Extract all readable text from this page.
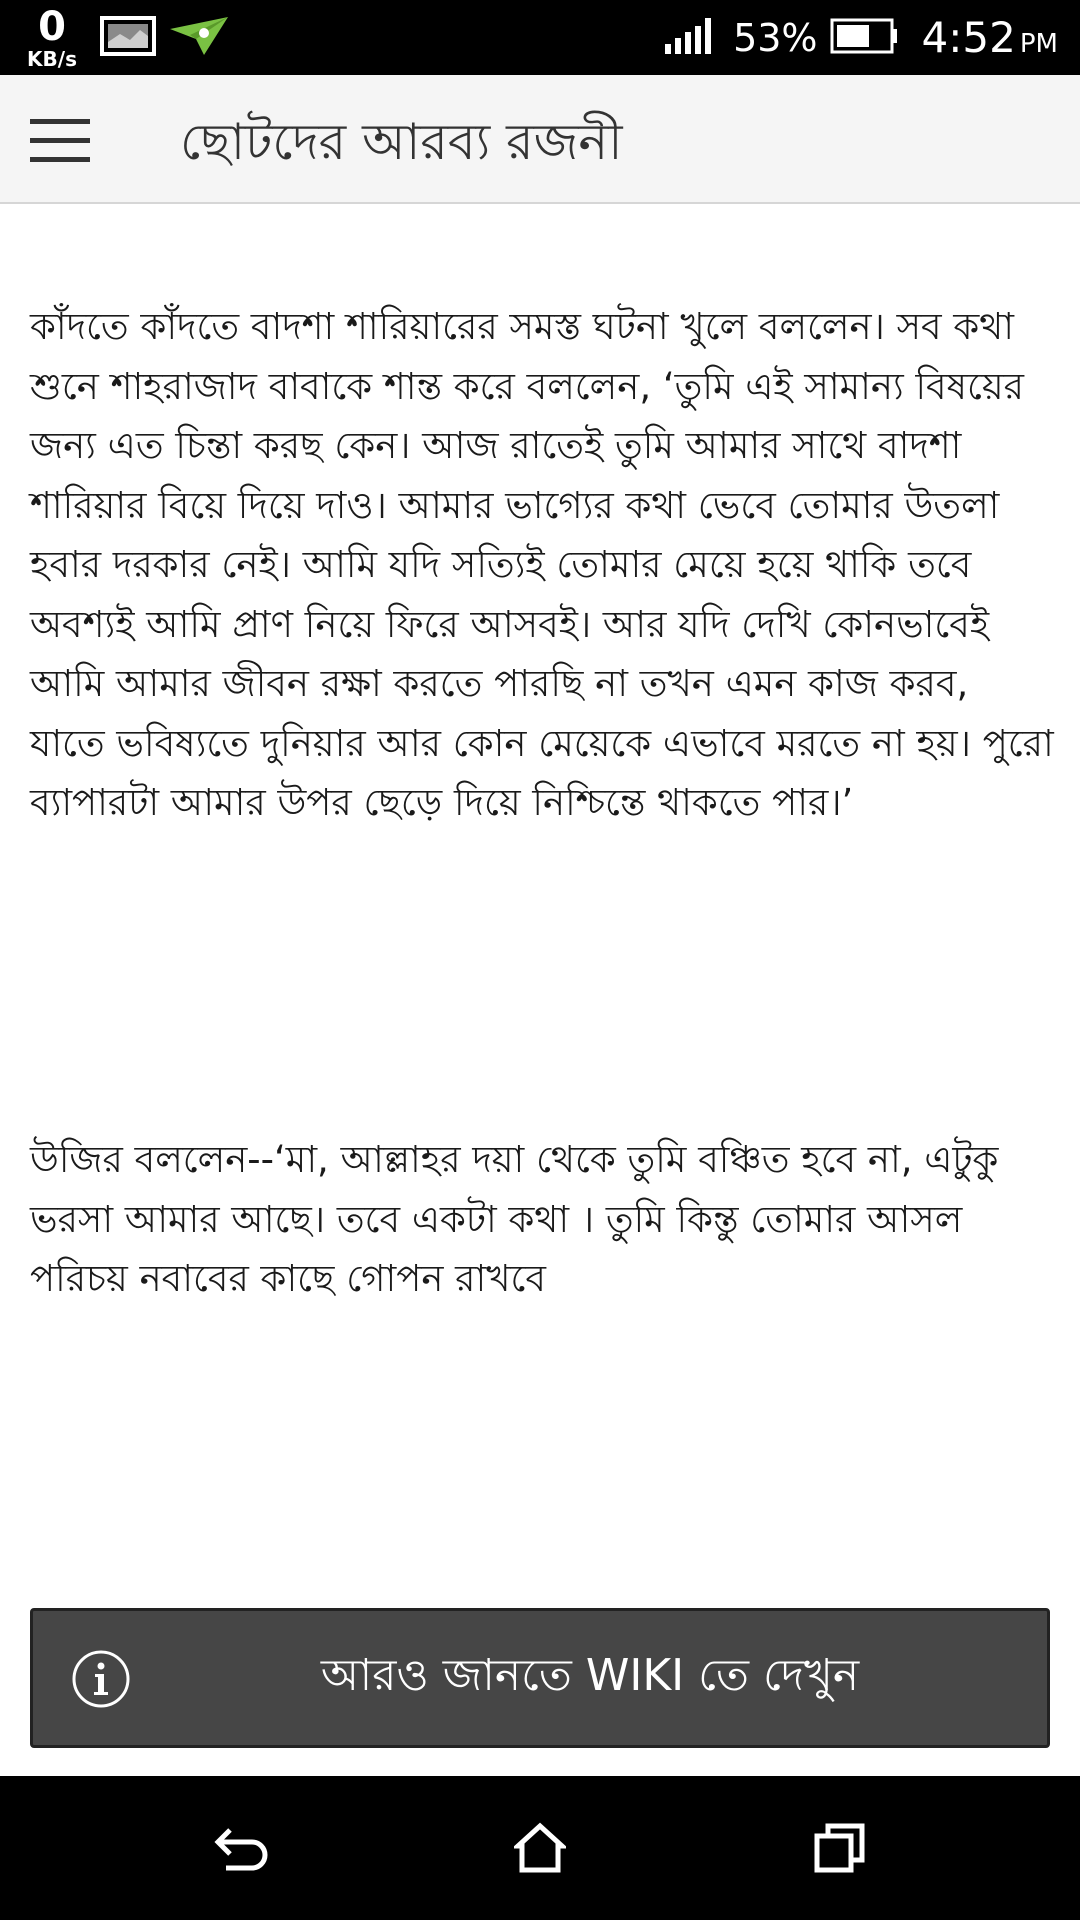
0
KB/s	53% 4:52 PM
ছোটদের আরব্য রজনী

কাঁদতে কাঁদতে বাদশা শারিয়ারের সমস্ত ঘটনা খুলে বললেন। সব কথা শুনে শাহরাজাদ বাবাকে শান্ত করে বললেন, ‘তুমি এই সামান্য বিষয়ের জন্য এত চিন্তা করছ কেন। আজ রাতেই তুমি আমার সাথে বাদশা শারিয়ার বিয়ে দিয়ে দাও। আমার ভাগ্যের কথা ভেবে তোমার উতলা হবার দরকার নেই। আমি যদি সত্যিই তোমার মেয়ে হয়ে থাকি তবে অবশ্যই আমি প্রাণ নিয়ে ফিরে আসবই। আর যদি দেখি কোনভাবেই আমি আমার জীবন রক্ষা করতে পারছি না তখন এমন কাজ করব, যাতে ভবিষ্যতে দুনিয়ার আর কোন মেয়েকে এভাবে মরতে না হয়। পুরো ব্যাপারটা আমার উপর ছেড়ে দিয়ে নিশ্চিন্তে থাকতে পার।’

উজির বললেন--‘মা, আল্লাহর দয়া থেকে তুমি বঞ্চিত হবে না, এটুকু ভরসা আমার আছে। তবে একটা কথা । তুমি কিন্তু তোমার আসল পরিচয় নবাবের কাছে গোপন রাখবে

আরও জানতে WIKI তে দেখুন
